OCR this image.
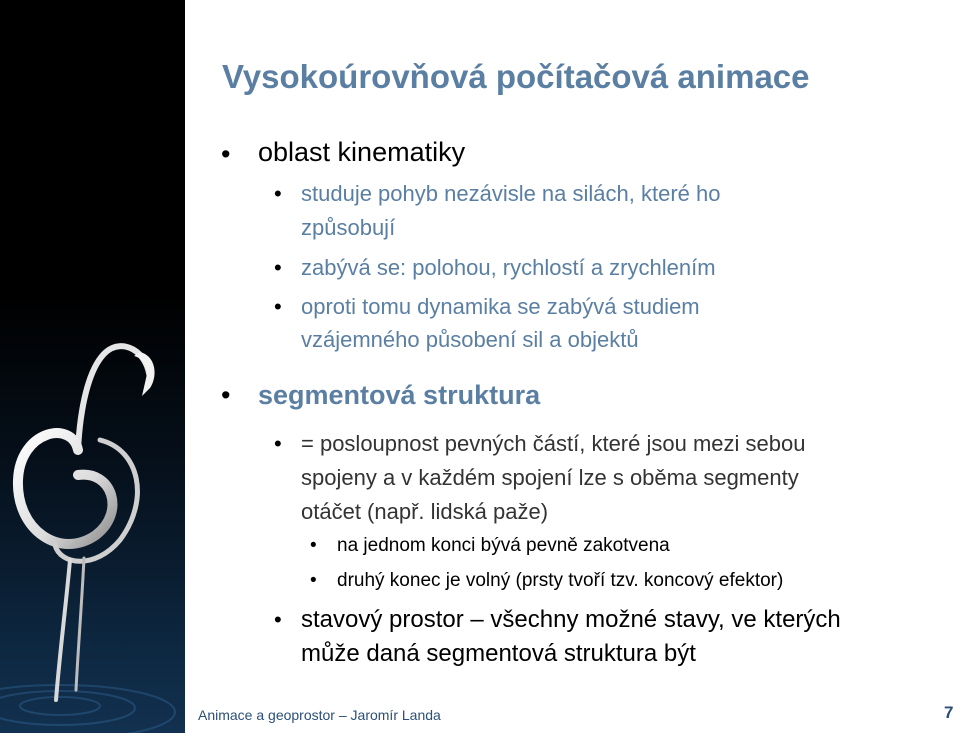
Vysokoúrovňová počítačová animace
• oblast kinematiky
• studuje pohyb nezávisle na silách, které ho
způsobují
• zabývá se: polohou, rychlostí a zrychlením
• oproti tomu dynamika se zabývá studiem
vzájemného působení sil a objektů
• segmentová struktura
• = posloupnost pevných částí, které jsou mezi sebou
spojeny a v každém spojení lze s oběma segmenty
otáčet (např. lidská paže)
• na jednom konci bývá pevně zakotvena
• druhý konec je volný (prsty tvoří tzv. koncový efektor)
• stavový prostor – všechny možné stavy, ve kterých
může daná segmentová struktura být
Animace a geoprostor – Jaromír Landa	7
